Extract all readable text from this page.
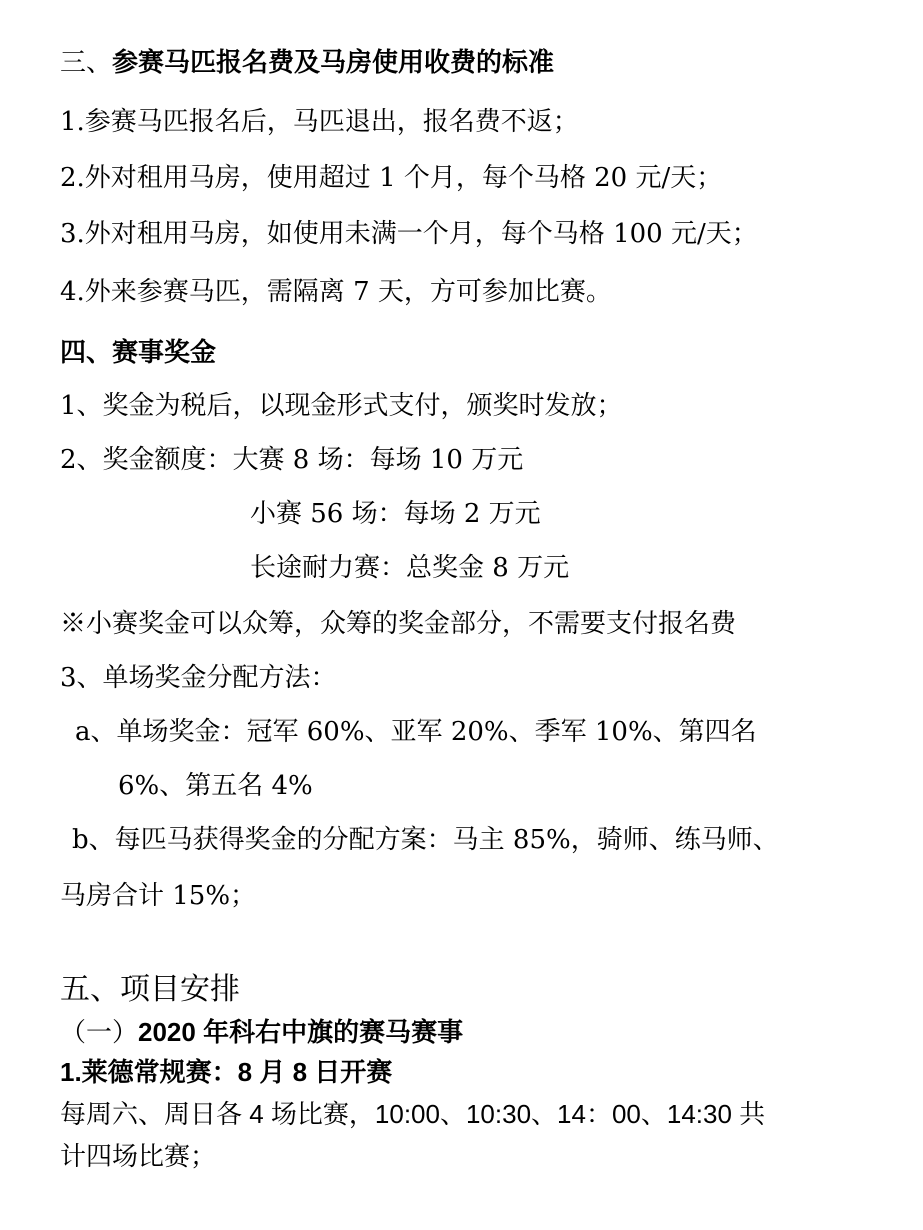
三、参赛马匹报名费及马房使用收费的标准
1.参赛马匹报名后，马匹退出，报名费不返；
2.外对租用马房，使用超过 1 个月，每个马格 20 元/天；
3.外对租用马房，如使用未满一个月，每个马格 100 元/天；
4.外来参赛马匹，需隔离 7 天，方可参加比赛。
四、赛事奖金
1、奖金为税后，以现金形式支付，颁奖时发放；
2、奖金额度：大赛 8 场：每场 10 万元
小赛 56 场：每场 2 万元
长途耐力赛：总奖金 8 万元
※小赛奖金可以众筹，众筹的奖金部分，不需要支付报名费
3、单场奖金分配方法：
a、单场奖金：冠军 60%、亚军 20%、季军 10%、第四名
6%、第五名 4%
b、每匹马获得奖金的分配方案：马主 85%，骑师、练马师、
马房合计 15%；
五、项目安排
（一）2020 年科右中旗的赛马赛事
1.莱德常规赛：8 月 8 日开赛
每周六、周日各 4 场比赛，10:00、10:30、14：00、14:30 共
计四场比赛；
